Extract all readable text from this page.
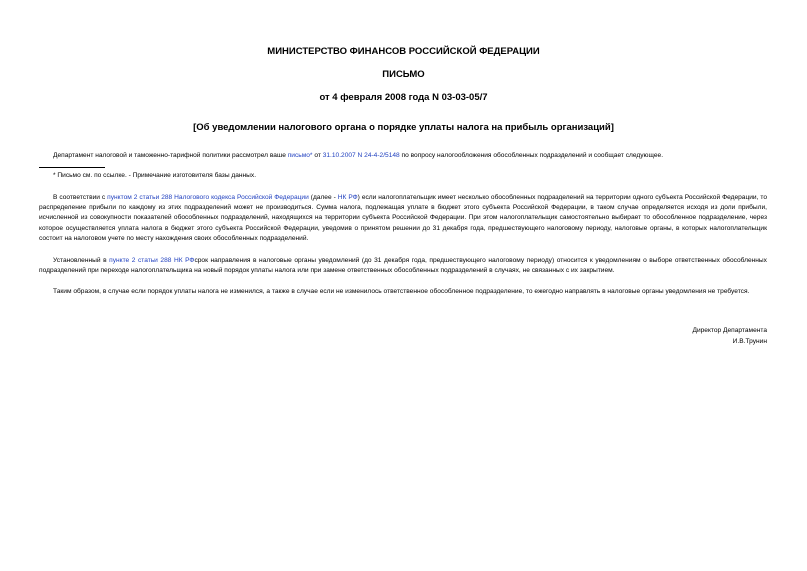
МИНИСТЕРСТВО ФИНАНСОВ РОССИЙСКОЙ ФЕДЕРАЦИИ
ПИСЬМО
от 4 февраля 2008 года N 03-03-05/7
[Об уведомлении налогового органа о порядке уплаты налога на прибыль организаций]

Департамент налоговой и таможенно-тарифной политики рассмотрел ваше письмо* от 31.10.2007 N 24-4-2/5148 по вопросу налогообложения обособленных подразделений и сообщает следующее.

* Письмо см. по ссылке. - Примечание изготовителя базы данных.

В соответствии с пунктом 2 статьи 288 Налогового кодекса Российской Федерации (далее - НК РФ) если налогоплательщик имеет несколько обособленных подразделений на территории одного субъекта Российской Федерации, то распределение прибыли по каждому из этих подразделений может не производиться. Сумма налога, подлежащая уплате в бюджет этого субъекта Российской Федерации, в таком случае определяется исходя из доли прибыли, исчисленной из совокупности показателей обособленных подразделений, находящихся на территории субъекта Российской Федерации. При этом налогоплательщик самостоятельно выбирает то обособленное подразделение, через которое осуществляется уплата налога в бюджет этого субъекта Российской Федерации, уведомив о принятом решении до 31 декабря года, предшествующего налоговому периоду, налоговые органы, в которых налогоплательщик состоит на налоговом учете по месту нахождения своих обособленных подразделений.

Установленный в пункте 2 статьи 288 НК РФсрок направления в налоговые органы уведомлений (до 31 декабря года, предшествующего налоговому периоду) относится к уведомлениям о выборе ответственных обособленных подразделений при переходе налогоплательщика на новый порядок уплаты налога или при замене ответственных обособленных подразделений в случаях, не связанных с их закрытием.

Таким образом, в случае если порядок уплаты налога не изменился, а также в случае если не изменилось ответственное обособленное подразделение, то ежегодно направлять в налоговые органы уведомления не требуется.

Директор Департамента
И.В.Трунин
